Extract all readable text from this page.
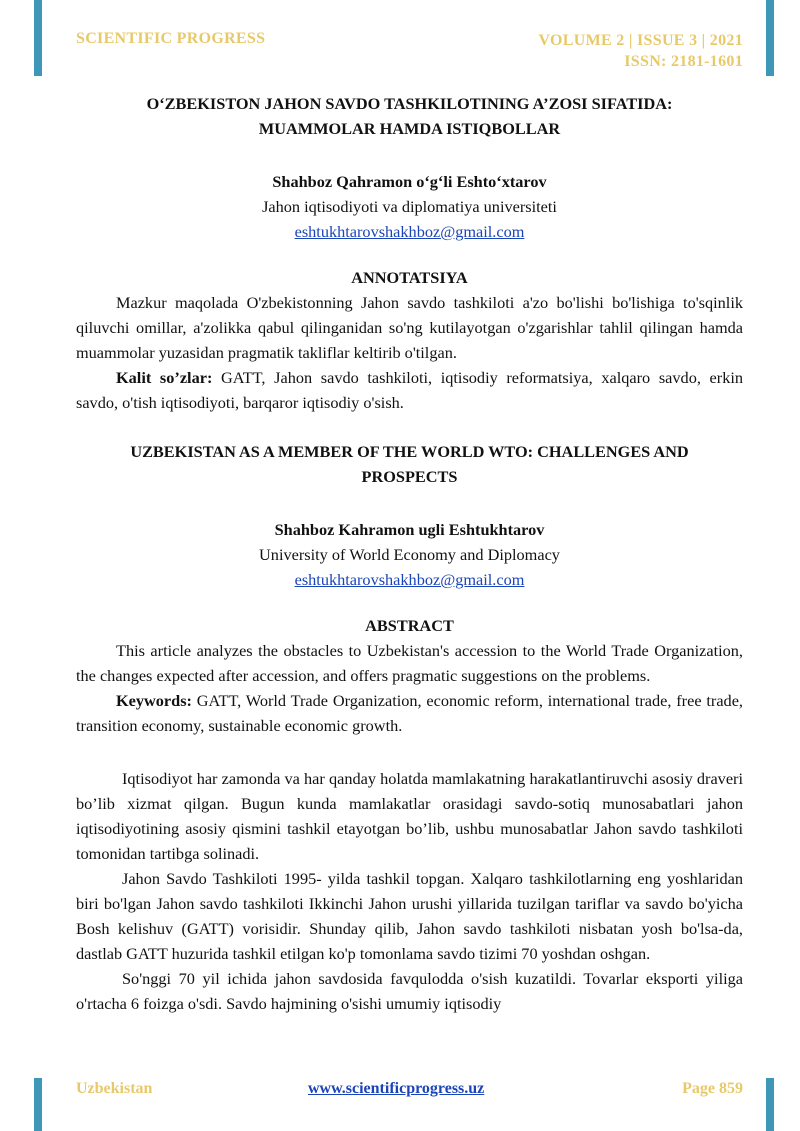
SCIENTIFIC PROGRESS	VOLUME 2 | ISSUE 3 | 2021
ISSN: 2181-1601

O‘ZBEKISTON JAHON SAVDO TASHKILOTINING A’ZOSI SIFATIDA:

MUAMMOLAR HAMDA ISTIQBOLLAR

Shahboz Qahramon o‘g‘li Eshto‘xtarov

Jahon iqtisodiyoti va diplomatiya universiteti

eshtukhtarovshakhboz@gmail.com

ANNOTATSIYA

Mazkur maqolada O'zbekistonning Jahon savdo tashkiloti a'zo bo'lishi bo'lishiga to'sqinlik qiluvchi omillar, a'zolikka qabul qilinganidan so'ng kutilayotgan o'zgarishlar tahlil qilingan hamda muammolar yuzasidan pragmatik takliflar keltirib o'tilgan.

Kalit so’zlar: GATT, Jahon savdo tashkiloti, iqtisodiy reformatsiya, xalqaro savdo, erkin savdo, o'tish iqtisodiyoti, barqaror iqtisodiy o'sish.

UZBEKISTAN AS A MEMBER OF THE WORLD WTO: CHALLENGES AND

PROSPECTS

Shahboz Kahramon ugli Eshtukhtarov

University of World Economy and Diplomacy

eshtukhtarovshakhboz@gmail.com

ABSTRACT

This article analyzes the obstacles to Uzbekistan's accession to the World Trade Organization, the changes expected after accession, and offers pragmatic suggestions on the problems.

Keywords: GATT, World Trade Organization, economic reform, international trade, free trade, transition economy, sustainable economic growth.

Iqtisodiyot har zamonda va har qanday holatda mamlakatning harakatlantiruvchi asosiy draveri bo’lib xizmat qilgan. Bugun kunda mamlakatlar orasidagi savdo-sotiq munosabatlari jahon iqtisodiyotining asosiy qismini tashkil etayotgan bo’lib, ushbu munosabatlar Jahon savdo tashkiloti tomonidan tartibga solinadi.

Jahon Savdo Tashkiloti 1995- yilda tashkil topgan. Xalqaro tashkilotlarning eng yoshlaridan biri bo'lgan Jahon savdo tashkiloti Ikkinchi Jahon urushi yillarida tuzilgan tariflar va savdo bo'yicha Bosh kelishuv (GATT) vorisidir. Shunday qilib, Jahon savdo tashkiloti nisbatan yosh bo'lsa-da, dastlab GATT huzurida tashkil etilgan ko'p tomonlama savdo tizimi 70 yoshdan oshgan.

So'nggi 70 yil ichida jahon savdosida favqulodda o'sish kuzatildi. Tovarlar eksporti yiliga o'rtacha 6 foizga o'sdi. Savdo hajmining o'sishi umumiy iqtisodiy

Uzbekistan	www.scientificprogress.uz	Page 859
